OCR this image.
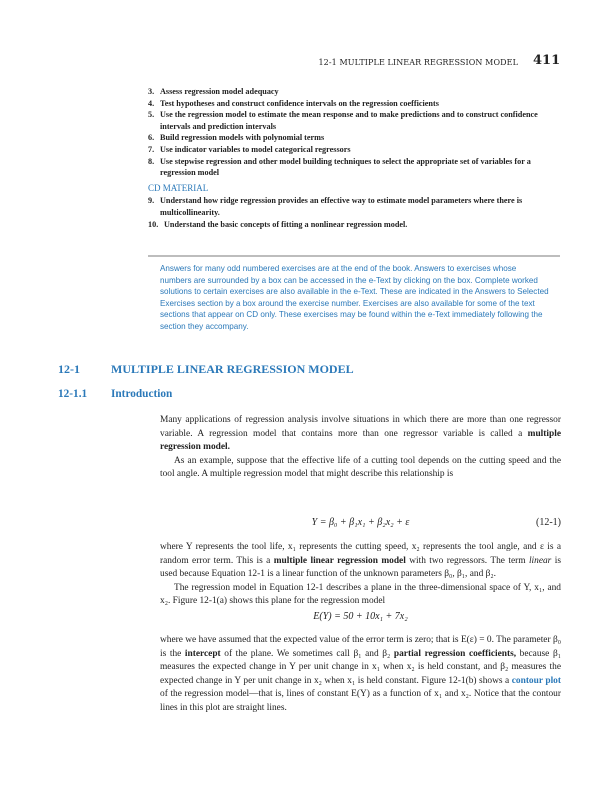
12-1 MULTIPLE LINEAR REGRESSION MODEL 411
3. Assess regression model adequacy
4. Test hypotheses and construct confidence intervals on the regression coefficients
5. Use the regression model to estimate the mean response and to make predictions and to construct confidence intervals and prediction intervals
6. Build regression models with polynomial terms
7. Use indicator variables to model categorical regressors
8. Use stepwise regression and other model building techniques to select the appropriate set of variables for a regression model
CD MATERIAL
9. Understand how ridge regression provides an effective way to estimate model parameters where there is multicollinearity.
10. Understand the basic concepts of fitting a nonlinear regression model.
Answers for many odd numbered exercises are at the end of the book. Answers to exercises whose numbers are surrounded by a box can be accessed in the e-Text by clicking on the box. Complete worked solutions to certain exercises are also available in the e-Text. These are indicated in the Answers to Selected Exercises section by a box around the exercise number. Exercises are also available for some of the text sections that appear on CD only. These exercises may be found within the e-Text immediately following the section they accompany.
12-1	MULTIPLE LINEAR REGRESSION MODEL
12-1.1 Introduction
Many applications of regression analysis involve situations in which there are more than one regressor variable. A regression model that contains more than one regressor variable is called a multiple regression model.
As an example, suppose that the effective life of a cutting tool depends on the cutting speed and the tool angle. A multiple regression model that might describe this relationship is
Y = β₀ + β₁x₁ + β₂x₂ + ε	(12-1)
where Y represents the tool life, x₁ represents the cutting speed, x₂ represents the tool angle, and ε is a random error term. This is a multiple linear regression model with two regressors. The term linear is used because Equation 12-1 is a linear function of the unknown parameters β₀, β₁, and β₂.
The regression model in Equation 12-1 describes a plane in the three-dimensional space of Y, x₁, and x₂. Figure 12-1(a) shows this plane for the regression model
E(Y) = 50 + 10x₁ + 7x₂
where we have assumed that the expected value of the error term is zero; that is E(ε) = 0. The parameter β₀ is the intercept of the plane. We sometimes call β₁ and β₂ partial regression coefficients, because β₁ measures the expected change in Y per unit change in x₁ when x₂ is held constant, and β₂ measures the expected change in Y per unit change in x₂ when x₁ is held constant. Figure 12-1(b) shows a contour plot of the regression model—that is, lines of constant E(Y) as a function of x₁ and x₂. Notice that the contour lines in this plot are straight lines.
